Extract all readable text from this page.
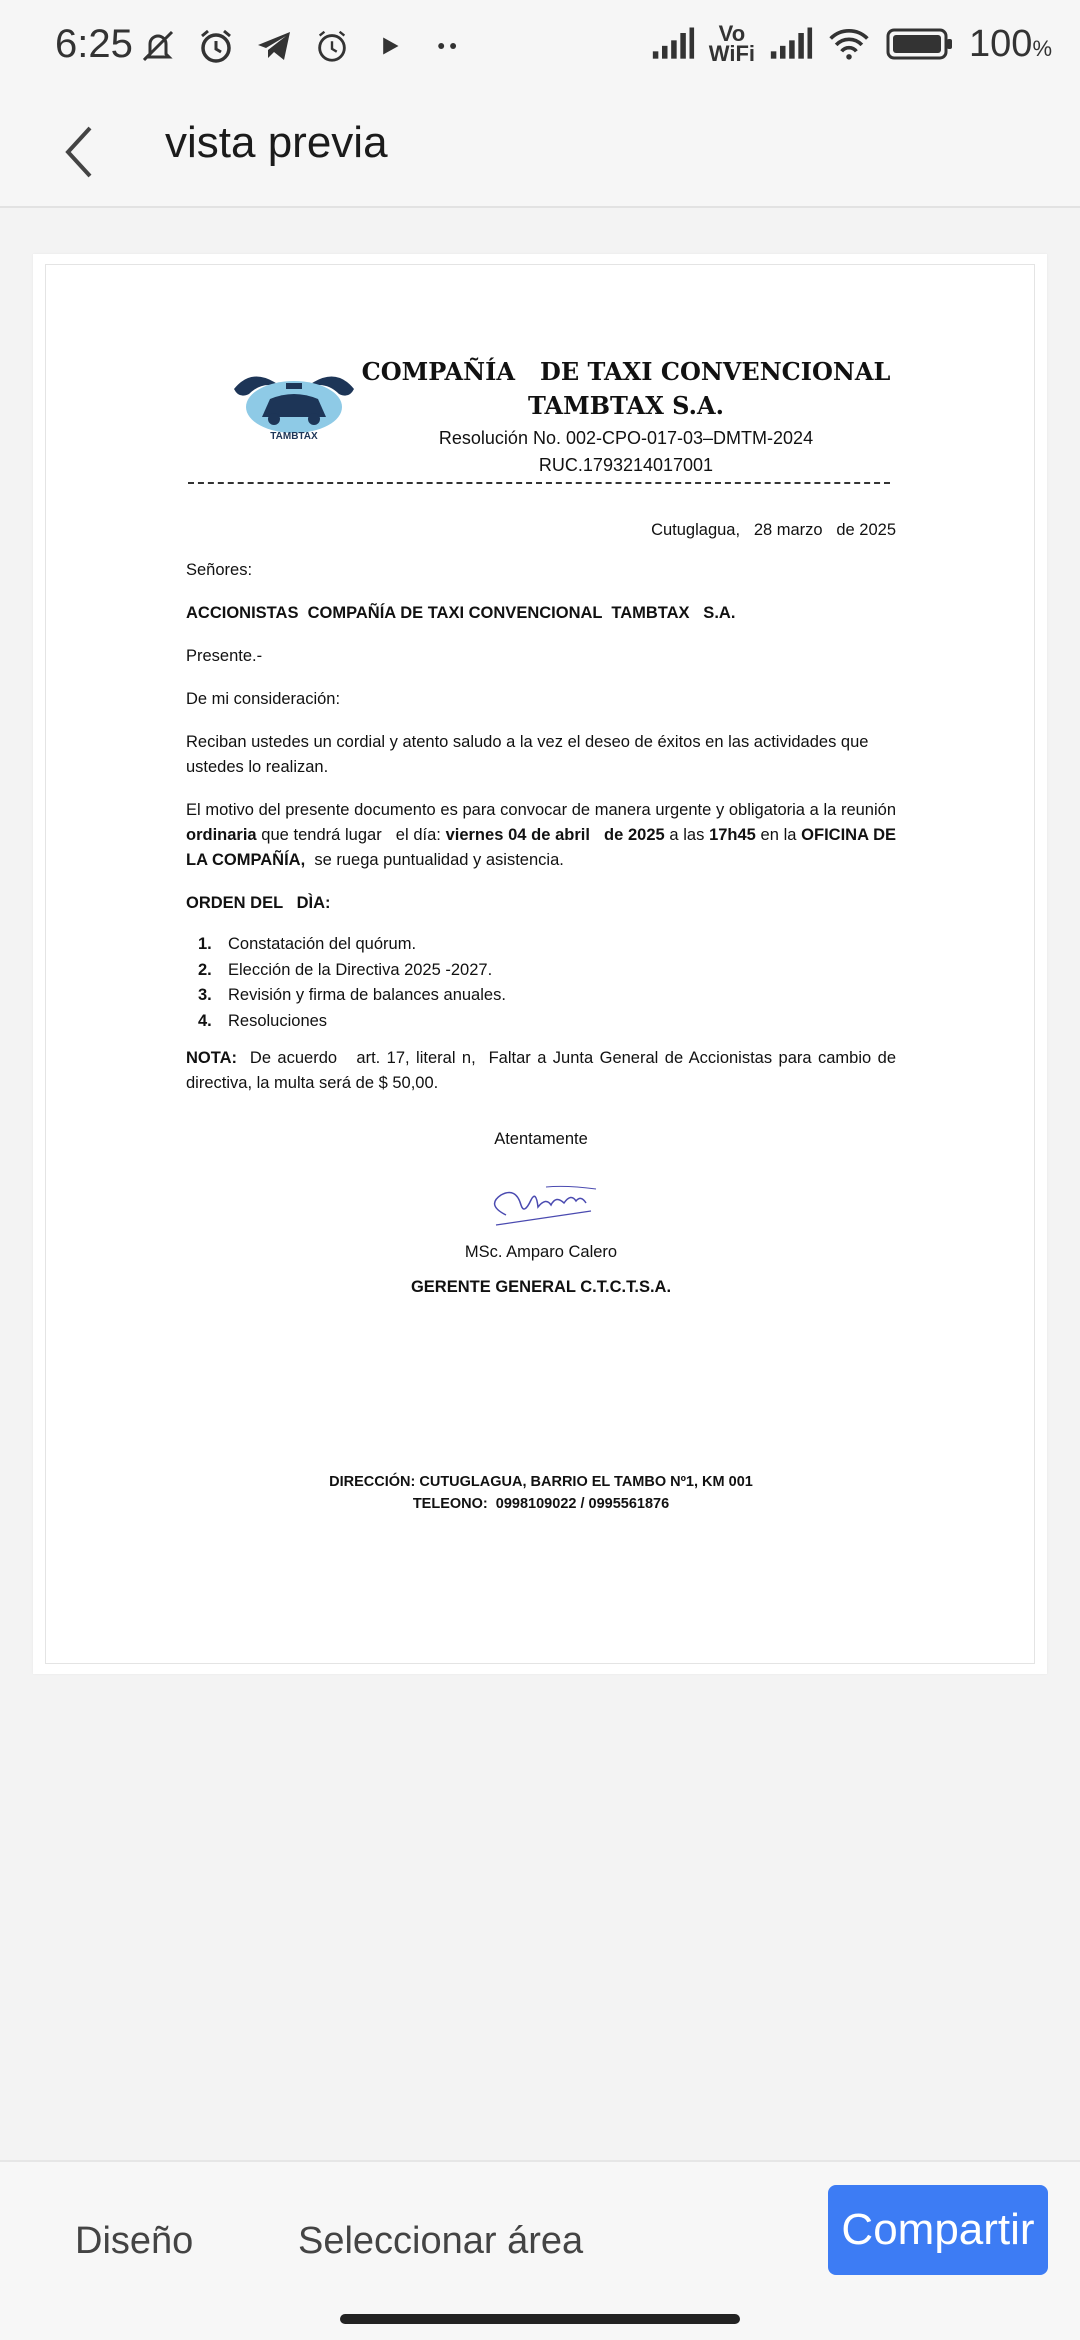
6:25	Vo
WiFi	100%
vista previa
TAMBTAX
COMPAÑÍA   DE TAXI CONVENCIONAL
TAMBTAX S.A.
Resolución No. 002-CPO-017-03–DMTM-2024
RUC.1793214017001
Cutuglagua,   28 marzo   de 2025
Señores:
ACCIONISTAS  COMPAÑÍA DE TAXI CONVENCIONAL  TAMBTAX   S.A.
Presente.-
De mi consideración:
Reciban ustedes un cordial y atento saludo a la vez el deseo de éxitos en las actividades que ustedes lo realizan.
El motivo del presente documento es para convocar de manera urgente y obligatoria a la reunión ordinaria que tendrá lugar   el día: viernes 04 de abril   de 2025 a las 17h45 en la OFICINA DE LA COMPAÑÍA,  se ruega puntualidad y asistencia.
ORDEN DEL   DÌA:
1. Constatación del quórum.
2. Elección de la Directiva 2025 -2027.
3. Revisión y firma de balances anuales.
4. Resoluciones
NOTA:  De acuerdo   art. 17, literal n,  Faltar a Junta General de Accionistas para cambio de directiva, la multa será de $ 50,00.
Atentamente
MSc. Amparo Calero
GERENTE GENERAL C.T.C.T.S.A.
DIRECCIÓN: CUTUGLAGUA, BARRIO EL TAMBO Nº1, KM 001
TELEONO:  0998109022 / 0995561876
Diseño	Seleccionar área	Compartir
